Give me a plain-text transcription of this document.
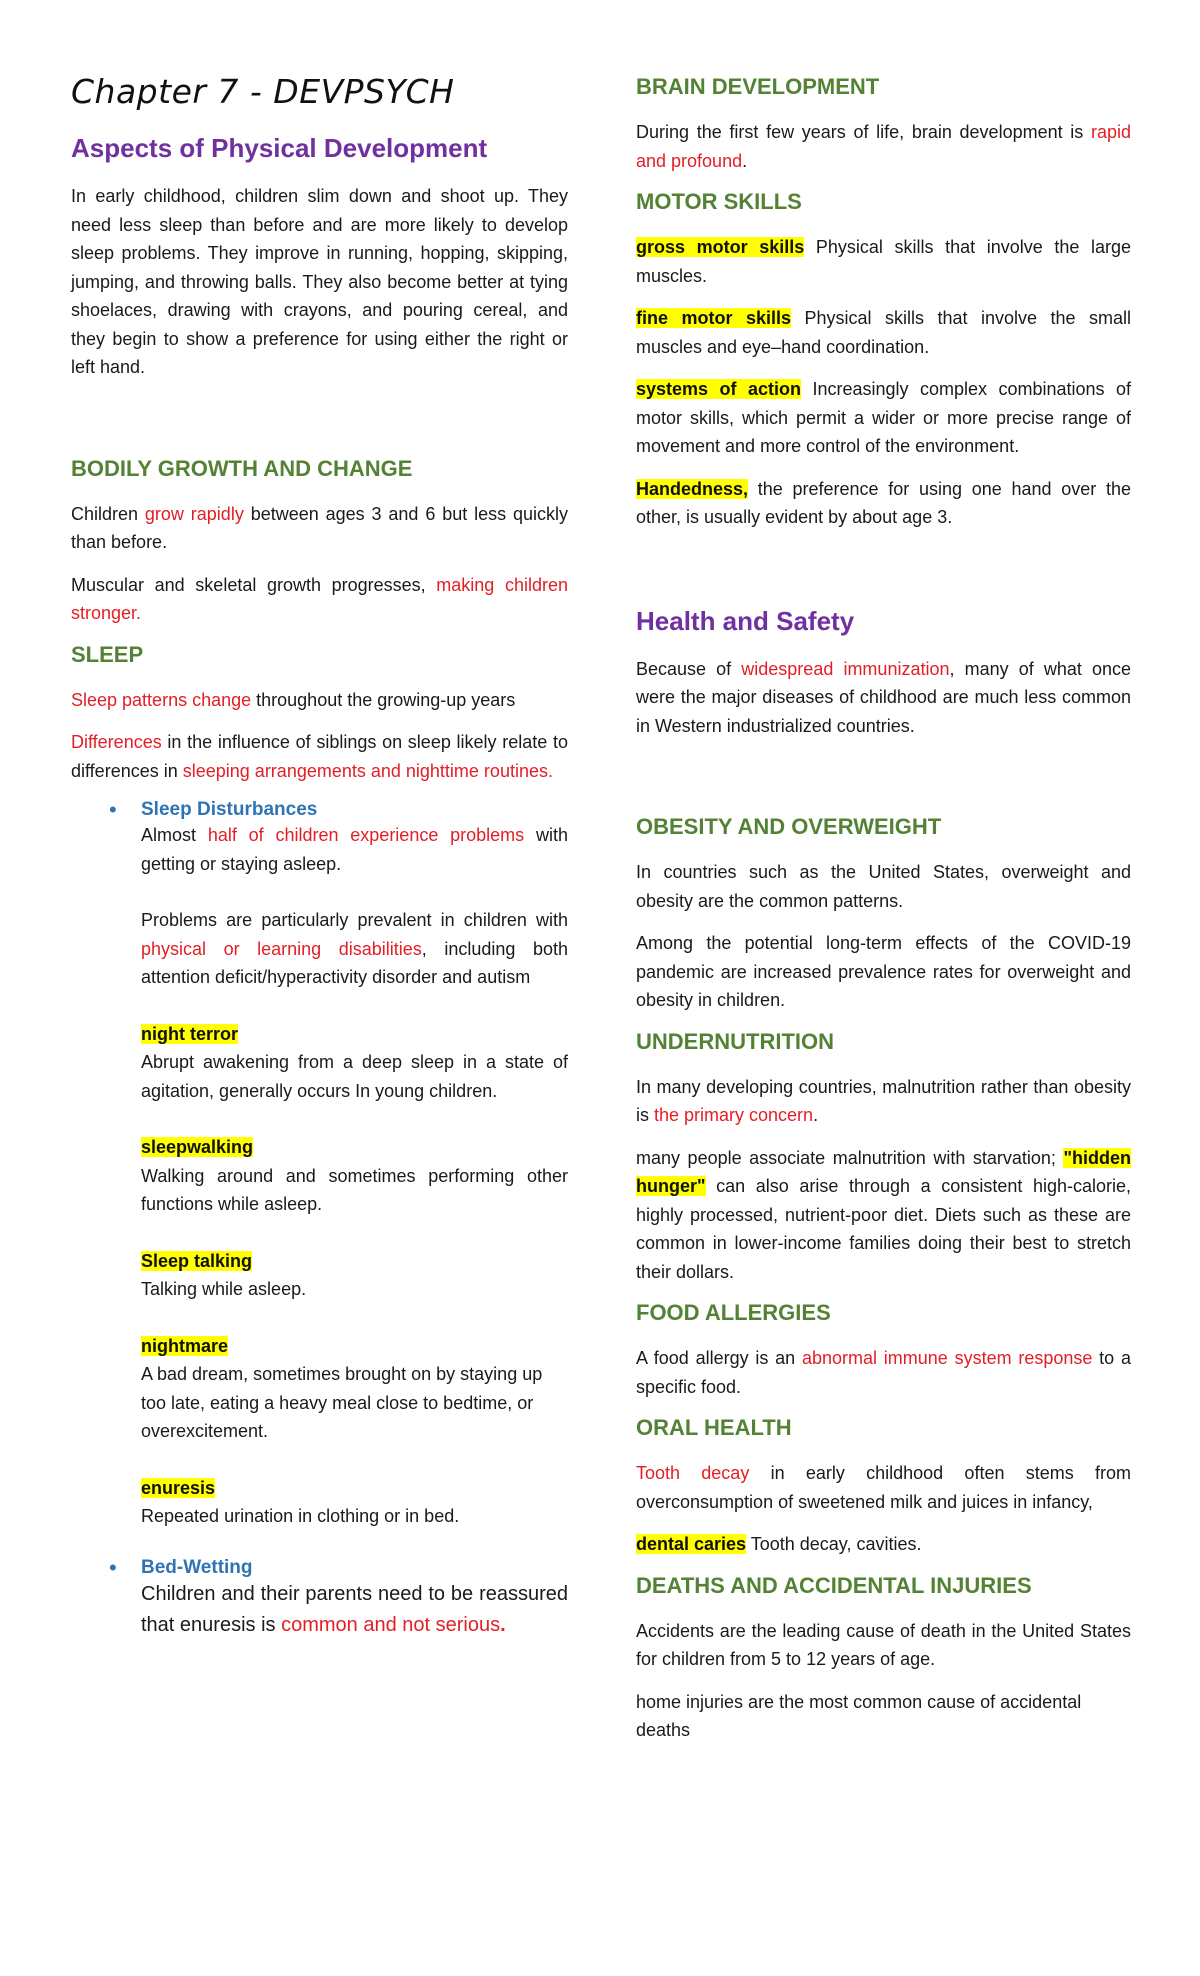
Chapter 7 - DEVPSYCH
Aspects of Physical Development

In early childhood, children slim down and shoot up. They need less sleep than before and are more likely to develop sleep problems. They improve in running, hopping, skipping, jumping, and throwing balls. They also become better at tying shoelaces, drawing with crayons, and pouring cereal, and they begin to show a preference for using either the right or left hand.

BODILY GROWTH AND CHANGE

Children grow rapidly between ages 3 and 6 but less quickly than before.

Muscular and skeletal growth progresses, making children stronger.

SLEEP

Sleep patterns change throughout the growing-up years

Differences in the influence of siblings on sleep likely relate to differences in sleeping arrangements and nighttime routines.

• Sleep Disturbances

Almost half of children experience problems with getting or staying asleep.

Problems are particularly prevalent in children with physical or learning disabilities, including both attention deficit/hyperactivity disorder and autism

night terror

Abrupt awakening from a deep sleep in a state of agitation, generally occurs In young children.

sleepwalking

Walking around and sometimes performing other functions while asleep.

Sleep talking

Talking while asleep.

nightmare

A bad dream, sometimes brought on by staying up too late, eating a heavy meal close to bedtime, or overexcitement.

enuresis

Repeated urination in clothing or in bed.

• Bed-Wetting

Children and their parents need to be reassured that enuresis is common and not serious.

BRAIN DEVELOPMENT

During the first few years of life, brain development is rapid and profound.

MOTOR SKILLS

gross motor skills Physical skills that involve the large muscles.

fine motor skills Physical skills that involve the small muscles and eye–hand coordination.

systems of action Increasingly complex combinations of motor skills, which permit a wider or more precise range of movement and more control of the environment.

Handedness, the preference for using one hand over the other, is usually evident by about age 3.

Health and Safety

Because of widespread immunization, many of what once were the major diseases of childhood are much less common in Western industrialized countries.

OBESITY AND OVERWEIGHT

In countries such as the United States, overweight and obesity are the common patterns.

Among the potential long-term effects of the COVID-19 pandemic are increased prevalence rates for overweight and obesity in children.

UNDERNUTRITION

In many developing countries, malnutrition rather than obesity is the primary concern.

many people associate malnutrition with starvation; "hidden hunger" can also arise through a consistent high-calorie, highly processed, nutrient-poor diet. Diets such as these are common in lower-income families doing their best to stretch their dollars.

FOOD ALLERGIES

A food allergy is an abnormal immune system response to a specific food.

ORAL HEALTH

Tooth decay in early childhood often stems from overconsumption of sweetened milk and juices in infancy,

dental caries Tooth decay, cavities.

DEATHS AND ACCIDENTAL INJURIES

Accidents are the leading cause of death in the United States for children from 5 to 12 years of age.

home injuries are the most common cause of accidental deaths
